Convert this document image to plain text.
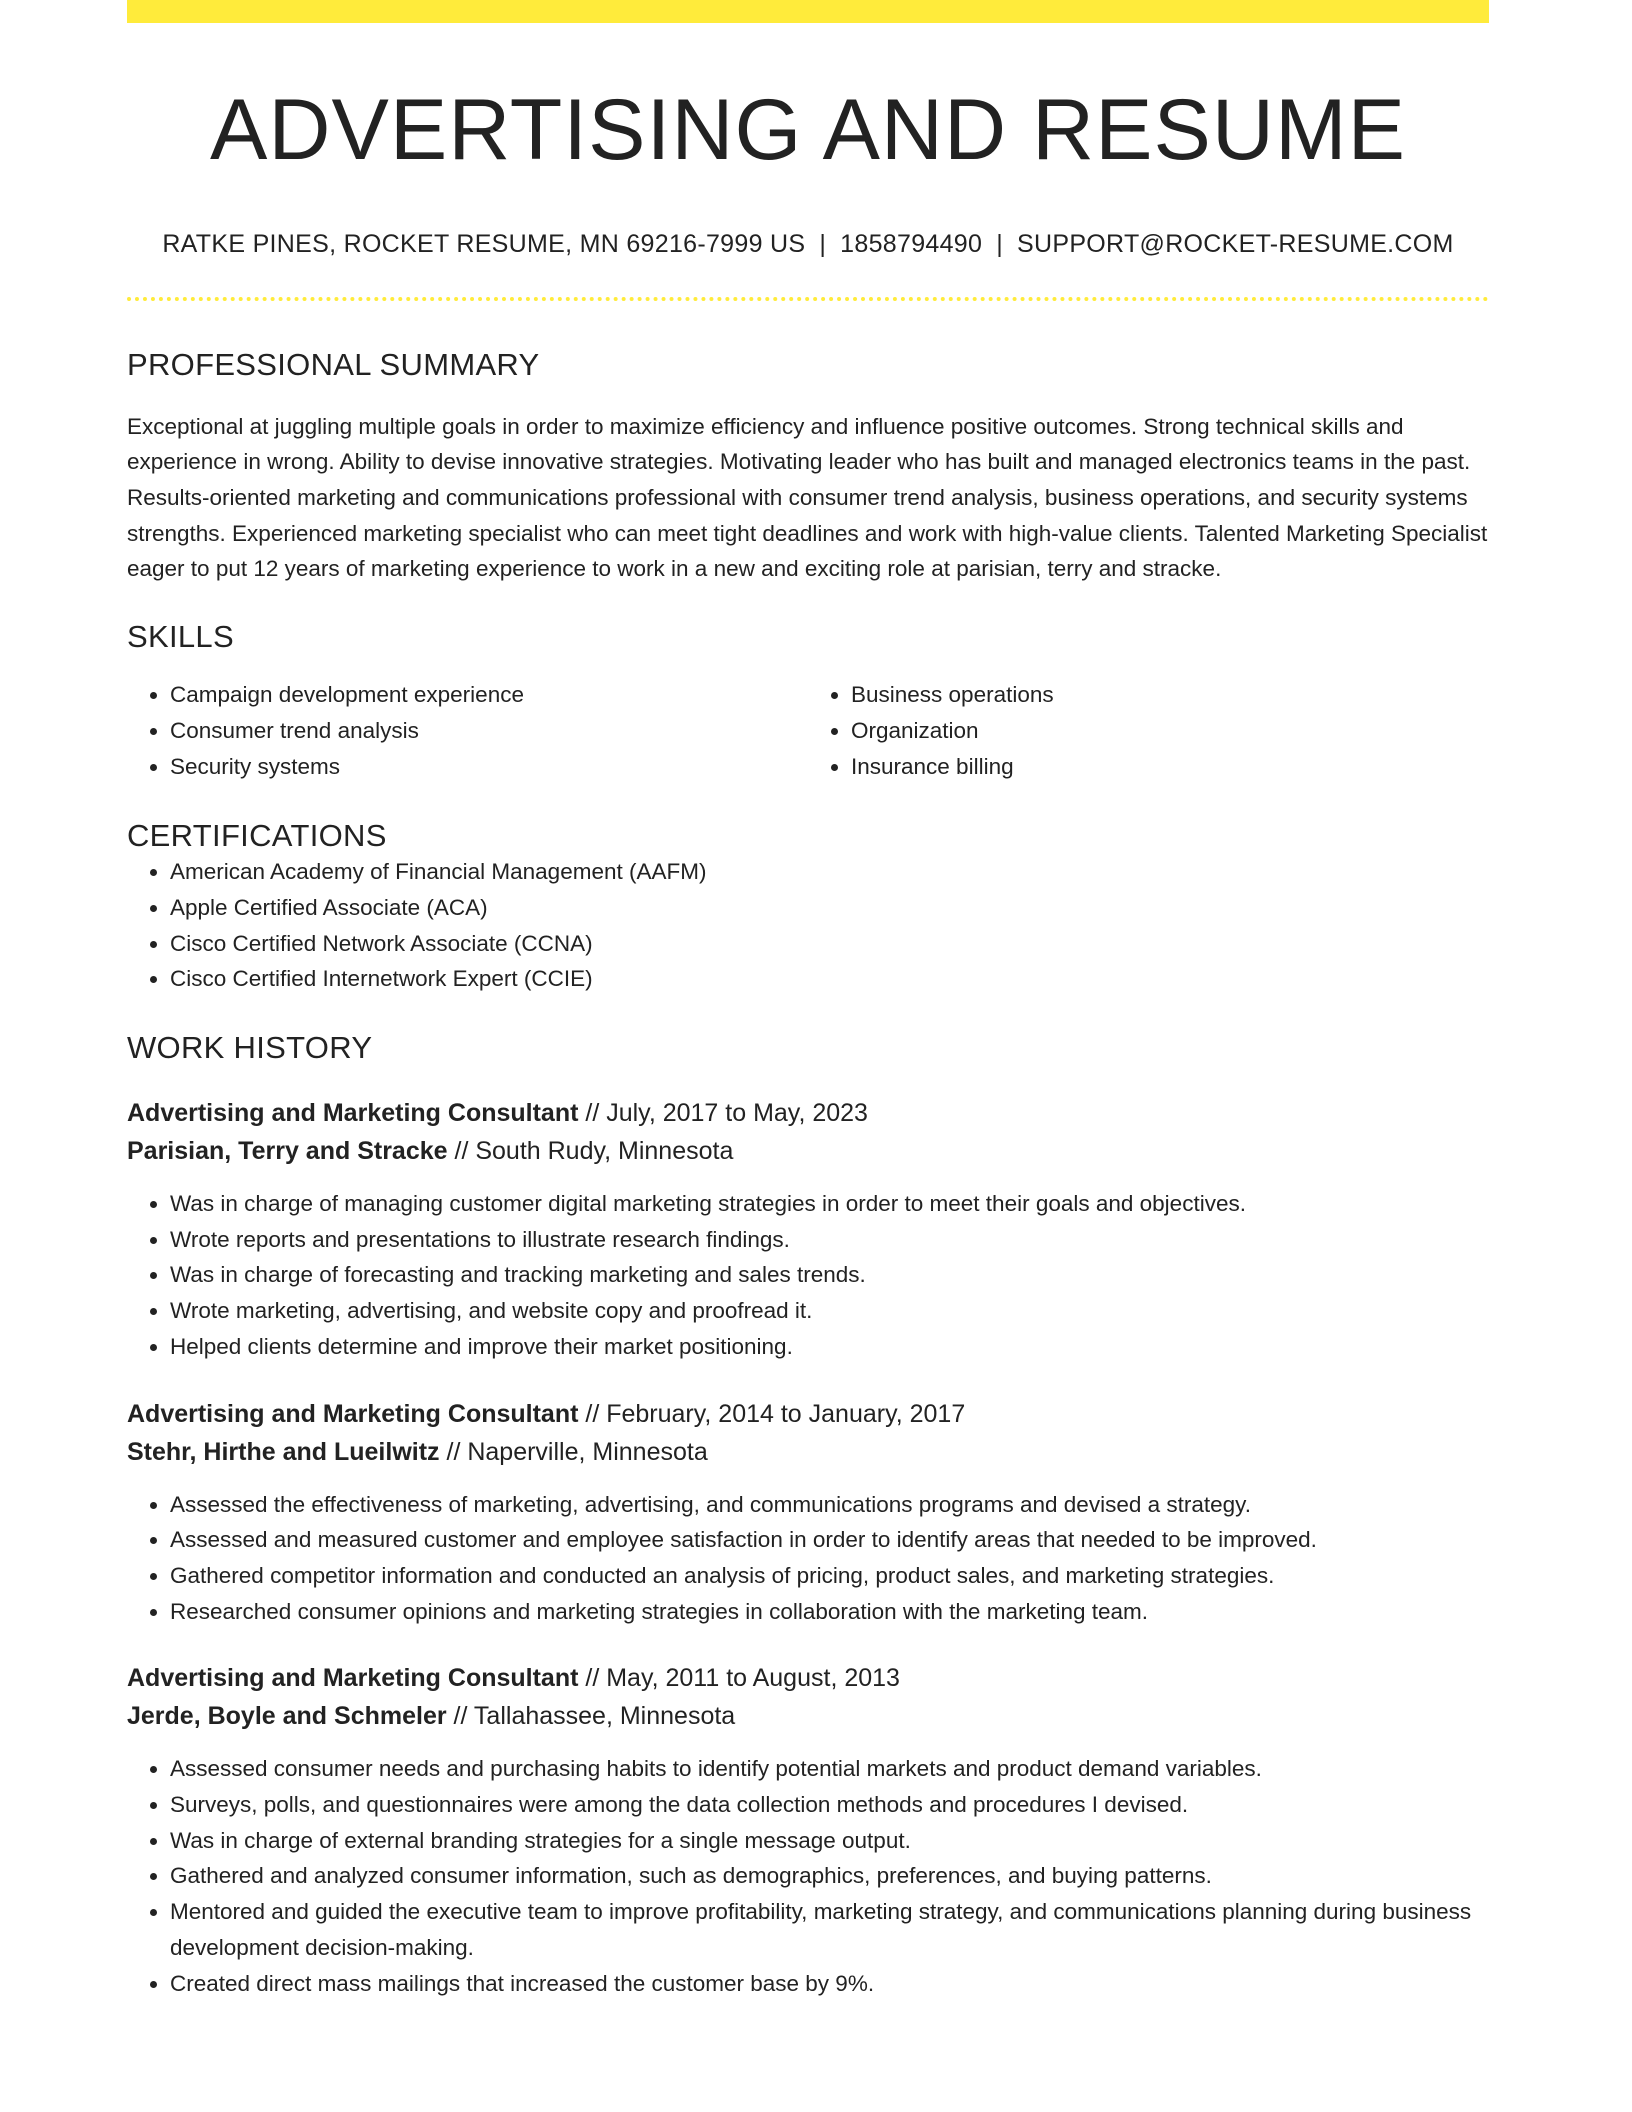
ADVERTISING AND RESUME
RATKE PINES, ROCKET RESUME, MN 69216-7999 US | 1858794490 | SUPPORT@ROCKET-RESUME.COM
PROFESSIONAL SUMMARY

Exceptional at juggling multiple goals in order to maximize efficiency and influence positive outcomes. Strong technical skills and experience in wrong. Ability to devise innovative strategies. Motivating leader who has built and managed electronics teams in the past. Results-oriented marketing and communications professional with consumer trend analysis, business operations, and security systems strengths. Experienced marketing specialist who can meet tight deadlines and work with high-value clients. Talented Marketing Specialist eager to put 12 years of marketing experience to work in a new and exciting role at parisian, terry and stracke.

SKILLS
• Campaign development experience
• Consumer trend analysis
• Security systems
• Business operations
• Organization
• Insurance billing
CERTIFICATIONS
• American Academy of Financial Management (AAFM)
• Apple Certified Associate (ACA)
• Cisco Certified Network Associate (CCNA)
• Cisco Certified Internetwork Expert (CCIE)
WORK HISTORY
Advertising and Marketing Consultant // July, 2017 to May, 2023
Parisian, Terry and Stracke // South Rudy, Minnesota
• Was in charge of managing customer digital marketing strategies in order to meet their goals and objectives.
• Wrote reports and presentations to illustrate research findings.
• Was in charge of forecasting and tracking marketing and sales trends.
• Wrote marketing, advertising, and website copy and proofread it.
• Helped clients determine and improve their market positioning.
Advertising and Marketing Consultant // February, 2014 to January, 2017
Stehr, Hirthe and Lueilwitz // Naperville, Minnesota
• Assessed the effectiveness of marketing, advertising, and communications programs and devised a strategy.
• Assessed and measured customer and employee satisfaction in order to identify areas that needed to be improved.
• Gathered competitor information and conducted an analysis of pricing, product sales, and marketing strategies.
• Researched consumer opinions and marketing strategies in collaboration with the marketing team.
Advertising and Marketing Consultant // May, 2011 to August, 2013
Jerde, Boyle and Schmeler // Tallahassee, Minnesota
• Assessed consumer needs and purchasing habits to identify potential markets and product demand variables.
• Surveys, polls, and questionnaires were among the data collection methods and procedures I devised.
• Was in charge of external branding strategies for a single message output.
• Gathered and analyzed consumer information, such as demographics, preferences, and buying patterns.
• Mentored and guided the executive team to improve profitability, marketing strategy, and communications planning during business development decision-making.
• Created direct mass mailings that increased the customer base by 9%.
